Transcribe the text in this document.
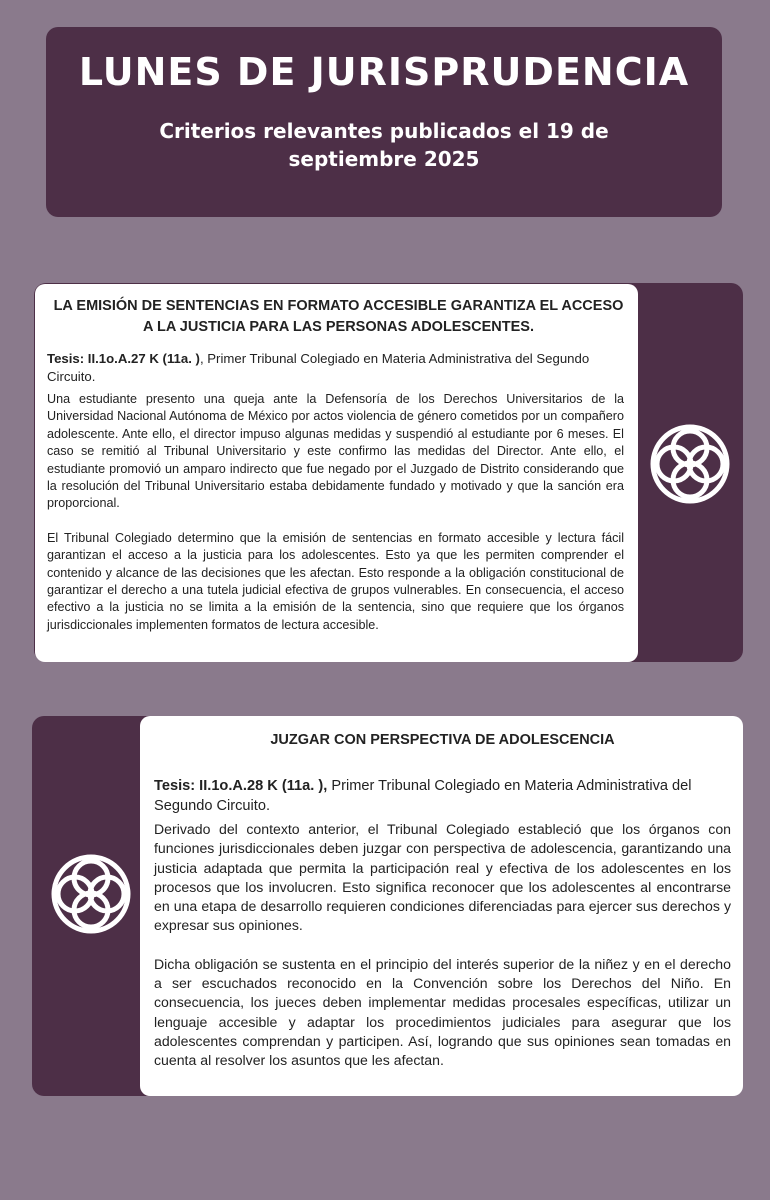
LUNES DE JURISPRUDENCIA
Criterios relevantes publicados el 19 de septiembre 2025
LA EMISIÓN DE SENTENCIAS EN FORMATO ACCESIBLE GARANTIZA EL ACCESO A LA JUSTICIA PARA LAS PERSONAS ADOLESCENTES.

Tesis: II.1o.A.27 K (11a. ), Primer Tribunal Colegiado en Materia Administrativa del Segundo Circuito.

Una estudiante presento una queja ante la Defensoría de los Derechos Universitarios de la Universidad Nacional Autónoma de México por actos violencia de género cometidos por un compañero adolescente. Ante ello, el director impuso algunas medidas y suspendió al estudiante por 6 meses. El caso se remitió al Tribunal Universitario y este confirmo las medidas del Director. Ante ello, el estudiante promovió un amparo indirecto que fue negado por el Juzgado de Distrito considerando que la resolución del Tribunal Universitario estaba debidamente fundado y motivado y que la sanción era proporcional.

El Tribunal Colegiado determino que la emisión de sentencias en formato accesible y lectura fácil garantizan el acceso a la justicia para los adolescentes. Esto ya que les permiten comprender el contenido y alcance de las decisiones que les afectan. Esto responde a la obligación constitucional de garantizar el derecho a una tutela judicial efectiva de grupos vulnerables. En consecuencia, el acceso efectivo a la justicia no se limita a la emisión de la sentencia, sino que requiere que los órganos jurisdiccionales implementen formatos de lectura accesible.

JUZGAR CON PERSPECTIVA DE ADOLESCENCIA

Tesis: II.1o.A.28 K (11a. ), Primer Tribunal Colegiado en Materia Administrativa del Segundo Circuito.

Derivado del contexto anterior, el Tribunal Colegiado estableció que los órganos con funciones jurisdiccionales deben juzgar con perspectiva de adolescencia, garantizando una justicia adaptada que permita la participación real y efectiva de los adolescentes en los procesos que los involucren. Esto significa reconocer que los adolescentes al encontrarse en una etapa de desarrollo requieren condiciones diferenciadas para ejercer sus derechos y expresar sus opiniones.

Dicha obligación se sustenta en el principio del interés superior de la niñez y en el derecho a ser escuchados reconocido en la Convención sobre los Derechos del Niño. En consecuencia, los jueces deben implementar medidas procesales específicas, utilizar un lenguaje accesible y adaptar los procedimientos judiciales para asegurar que los adolescentes comprendan y participen. Así, logrando que sus opiniones sean tomadas en cuenta al resolver los asuntos que les afectan.
